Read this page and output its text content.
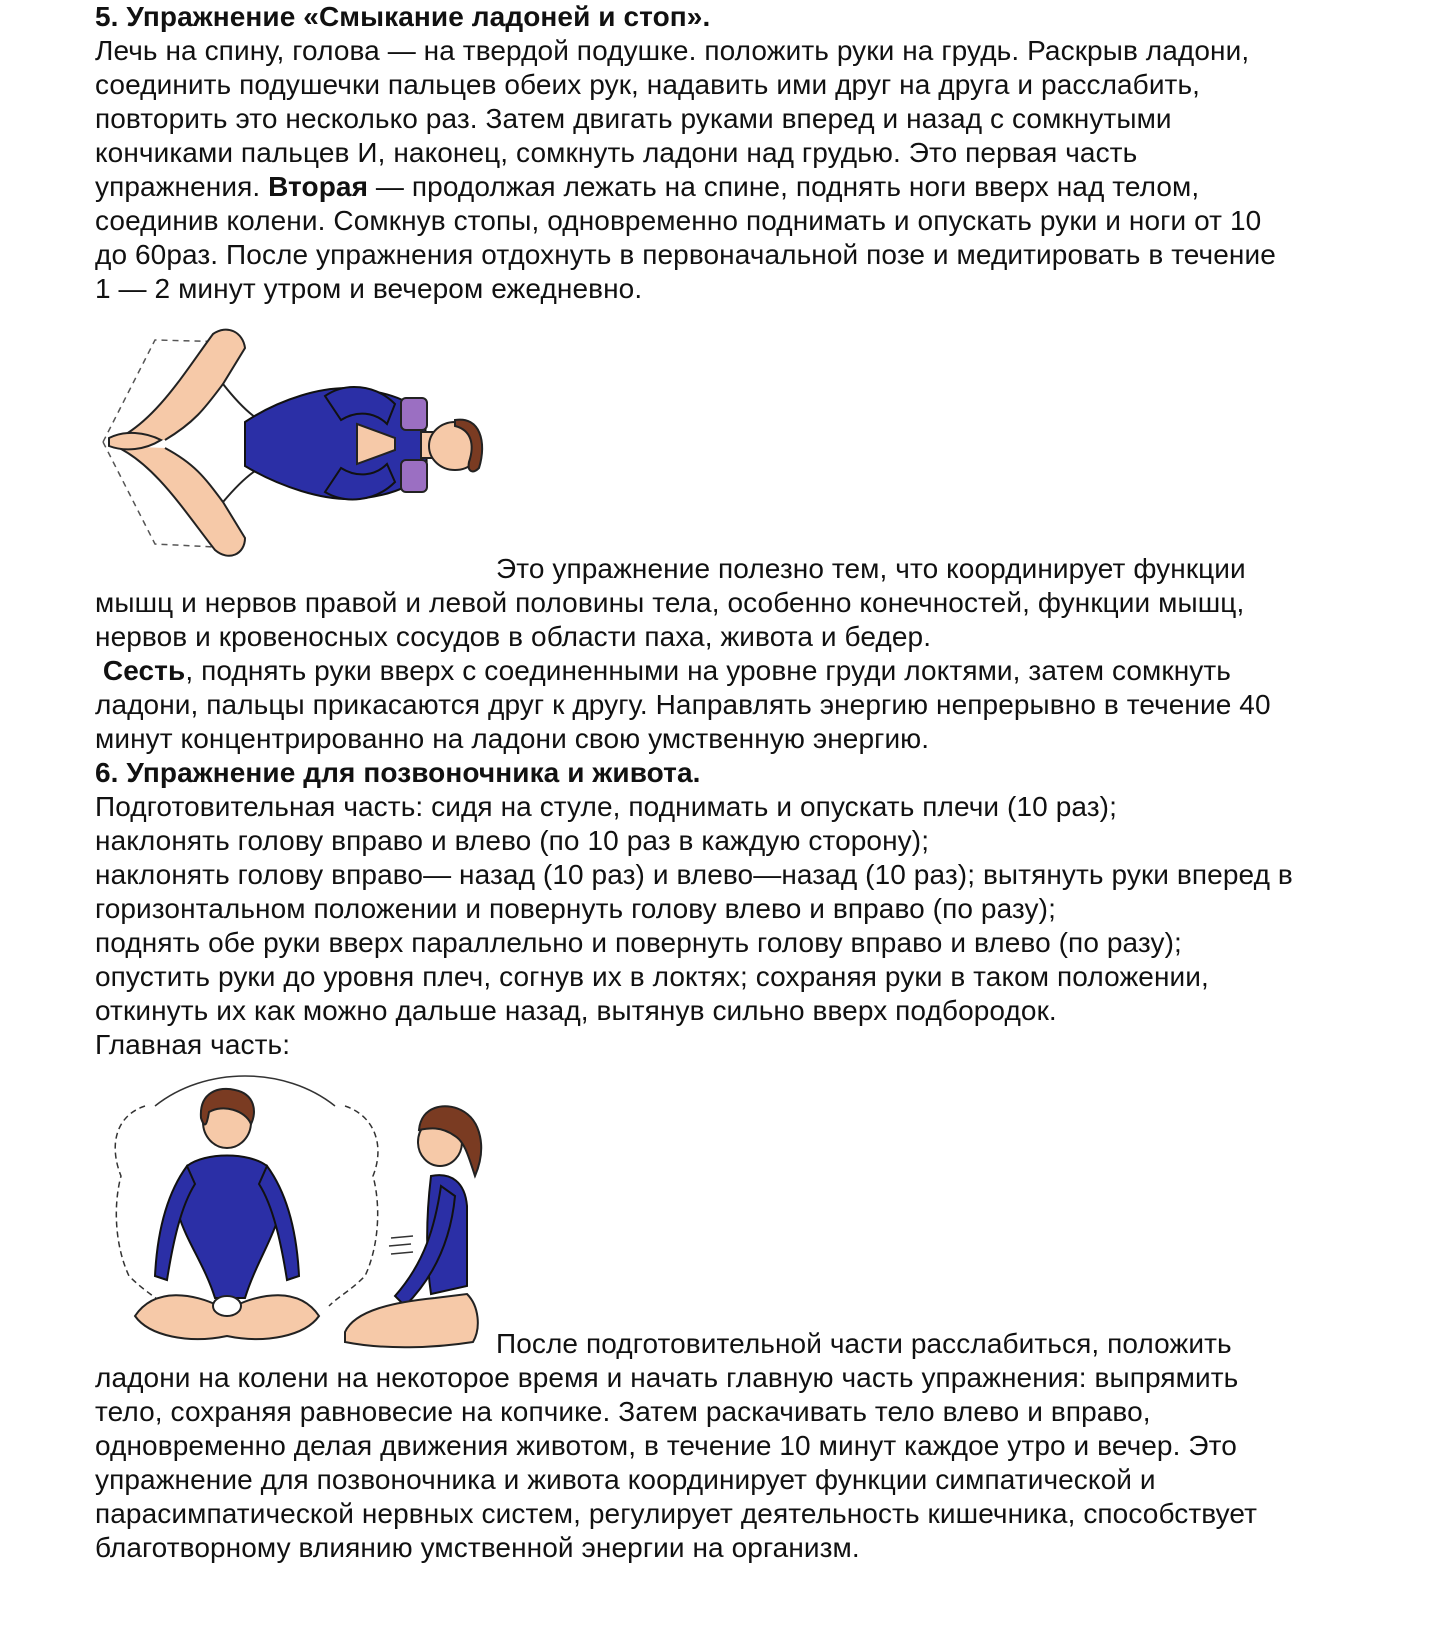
5. Упражнение «Смыкание ладоней и стоп».
Лечь на спину, голова — на твердой подушке. положить руки на грудь. Раскрыв ладони,
соединить подушечки пальцев обеих рук, надавить ими друг на друга и расслабить,
повторить это несколько раз. Затем двигать руками вперед и назад с сомкнутыми
кончиками пальцев И, наконец, сомкнуть ладони над грудью. Это первая часть
упражнения. Вторая — продолжая лежать на спине, поднять ноги вверх над телом,
соединив колени. Сомкнув стопы, одновременно поднимать и опускать руки и ноги от 10
до 60раз. После упражнения отдохнуть в первоначальной позе и медитировать в течение
1 — 2 минут утром и вечером ежедневно.
Это упражнение полезно тем, что координирует функции
мышц и нервов правой и левой половины тела, особенно конечностей, функции мышц,
нервов и кровеносных сосудов в области паха, живота и бедер.
Сесть, поднять руки вверх с соединенными на уровне груди локтями, затем сомкнуть
ладони, пальцы прикасаются друг к другу. Направлять энергию непрерывно в течение 40
минут концентрированно на ладони свою умственную энергию.
6. Упражнение для позвоночника и живота.
Подготовительная часть: сидя на стуле, поднимать и опускать плечи (10 раз);
наклонять голову вправо и влево (по 10 раз в каждую сторону);
наклонять голову вправо— назад (10 раз) и влево—назад (10 раз); вытянуть руки вперед в
горизонтальном положении и повернуть голову влево и вправо (по разу);
поднять обе руки вверх параллельно и повернуть голову вправо и влево (по разу);
опустить руки до уровня плеч, согнув их в локтях; сохраняя руки в таком положении,
откинуть их как можно дальше назад, вытянув сильно вверх подбородок.
Главная часть:
После подготовительной части расслабиться, положить
ладони на колени на некоторое время и начать главную часть упражнения: выпрямить
тело, сохраняя равновесие на копчике. Затем раскачивать тело влево и вправо,
одновременно делая движения животом, в течение 10 минут каждое утро и вечер. Это
упражнение для позвоночника и живота координирует функции симпатической и
парасимпатической нервных систем, регулирует деятельность кишечника, способствует
благотворному влиянию умственной энергии на организм.
